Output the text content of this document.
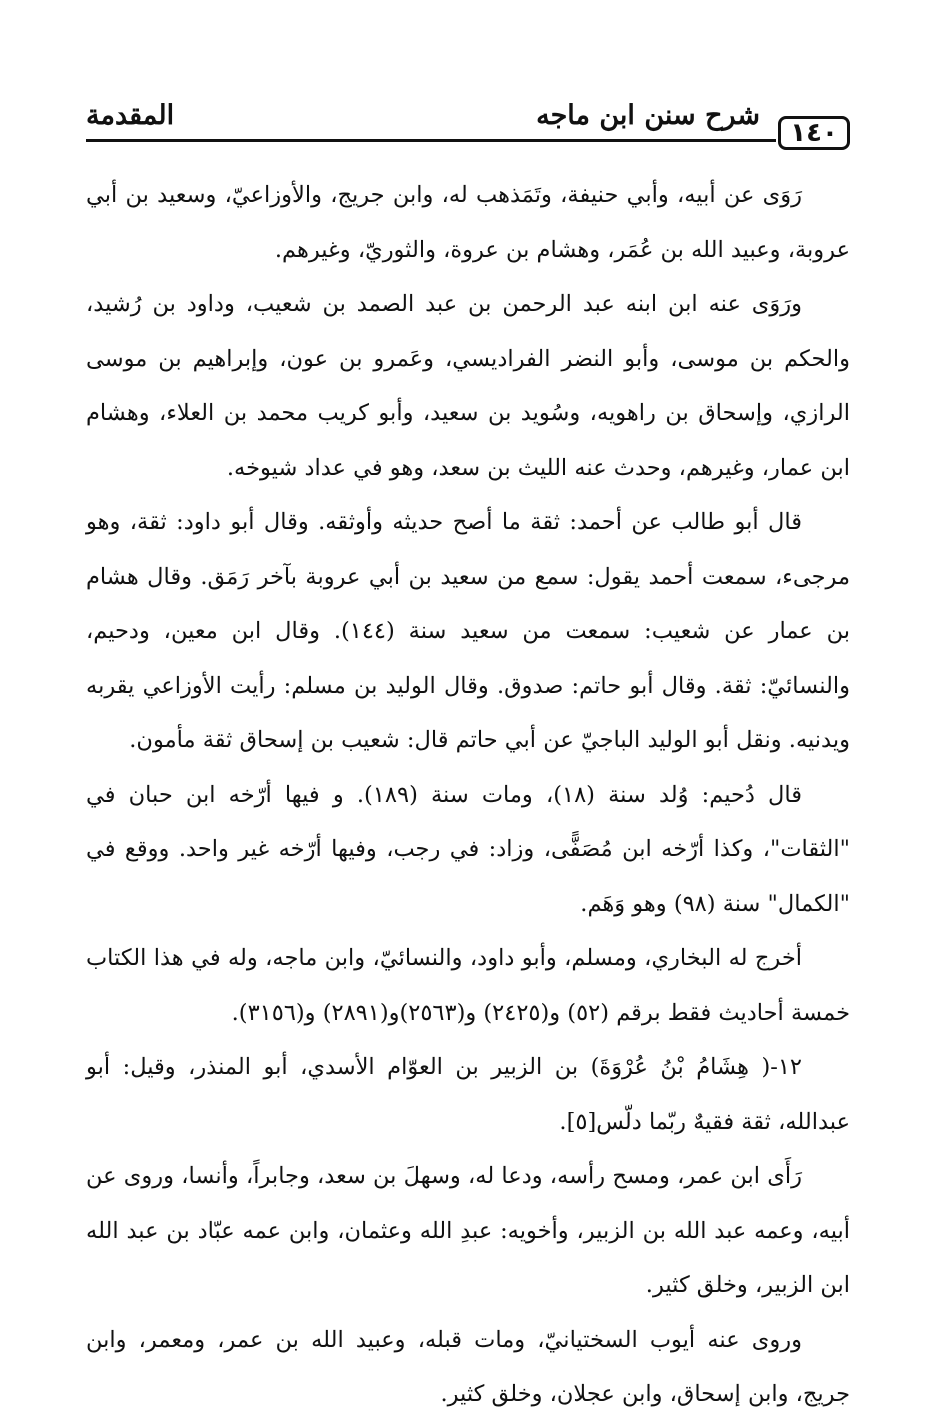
١٤٠
شرح سنن ابن ماجه
المقدمة

رَوَى عن أبيه، وأبي حنيفة، وتَمَذهب له، وابن جريج، والأوزاعيّ، وسعيد بن أبي عروبة، وعبيد الله بن عُمَر، وهشام بن عروة، والثوريّ، وغيرهم.

ورَوَى عنه ابن ابنه عبد الرحمن بن عبد الصمد بن شعيب، وداود بن رُشيد، والحكم بن موسى، وأبو النضر الفراديسي، وعَمرو بن عون، وإبراهيم بن موسى الرازي، وإسحاق بن راهويه، وسُويد بن سعيد، وأبو كريب محمد بن العلاء، وهشام ابن عمار، وغيرهم، وحدث عنه الليث بن سعد، وهو في عداد شيوخه.

قال أبو طالب عن أحمد: ثقة ما أصح حديثه وأوثقه. وقال أبو داود: ثقة، وهو مرجىء، سمعت أحمد يقول: سمع من سعيد بن أبي عروبة بآخر رَمَق. وقال هشام بن عمار عن شعيب: سمعت من سعيد سنة (١٤٤). وقال ابن معين، ودحيم، والنسائيّ: ثقة. وقال أبو حاتم: صدوق. وقال الوليد بن مسلم: رأيت الأوزاعي يقربه ويدنيه. ونقل أبو الوليد الباجيّ عن أبي حاتم قال: شعيب بن إسحاق ثقة مأمون.

قال دُحيم: وُلد سنة (١٨)، ومات سنة (١٨٩). و فيها أرّخه ابن حبان في "الثقات"، وكذا أرّخه ابن مُصَفًّى، وزاد: في رجب، وفيها أرّخه غير واحد. ووقع في "الكمال" سنة (٩٨) وهو وَهَم.

أخرج له البخاري، ومسلم، وأبو داود، والنسائيّ، وابن ماجه، وله في هذا الكتاب خمسة أحاديث فقط برقم (٥٢) و(٢٤٢٥) و(٢٥٦٣)و(٢٨٩١) و(٣١٥٦).

١٢-( هِشَامُ بْنُ عُرْوَةَ) بن الزبير بن العوّام الأسدي، أبو المنذر، وقيل: أبو عبدالله، ثقة فقيهٌ ربّما دلّس[٥].

رَأَى ابن عمر، ومسح رأسه، ودعا له، وسهلَ بن سعد، وجابراً، وأنسا، وروى عن أبيه، وعمه عبد الله بن الزبير، وأخويه: عبدِ الله وعثمان، وابن عمه عبّاد بن عبد الله ابن الزبير، وخلق كثير.

وروى عنه أيوب السختيانيّ، ومات قبله، وعبيد الله بن عمر، ومعمر، وابن جريج، وابن إسحاق، وابن عجلان، وخلق كثير.
